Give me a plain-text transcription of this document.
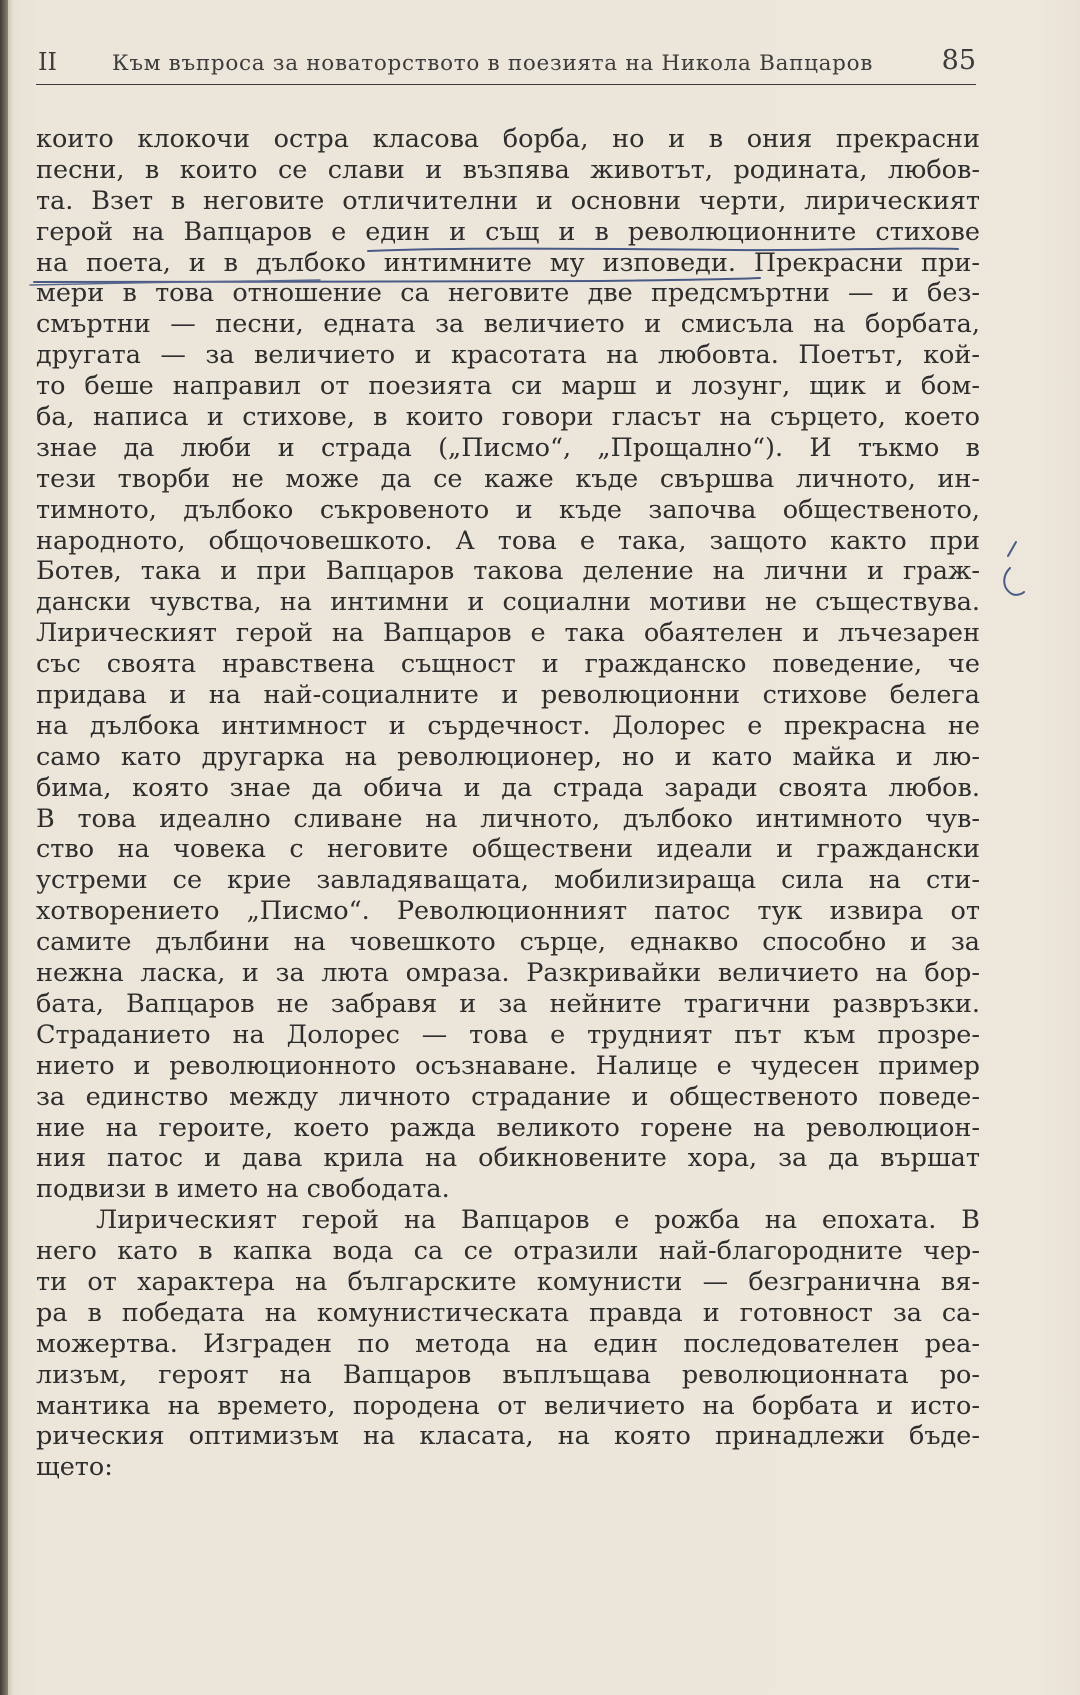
II	Към въпроса за новаторството в поезията на Никола Вапцаров	85
които клокочи остра класова борба, но и в ония прекрасни
песни, в които се слави и възпява животът, родината, любов-
та. Взет в неговите отличителни и основни черти, лирическият
герой на Вапцаров е един и същ и в революционните стихове
на поета, и в дълбоко интимните му изповеди. Прекрасни при-
мери в това отношение са неговите две предсмъртни — и без-
смъртни — песни, едната за величието и смисъла на борбата,
другата — за величието и красотата на любовта. Поетът, кой-
то беше направил от поезията си марш и лозунг, щик и бом-
ба, написа и стихове, в които говори гласът на сърцето, което
знае да люби и страда („Писмо“, „Прощално“). И тъкмо в
тези творби не може да се каже къде свършва личното, ин-
тимното, дълбоко съкровеното и къде започва общественото,
народното, общочовешкото. А това е така, защото както при
Ботев, така и при Вапцаров такова деление на лични и граж-
дански чувства, на интимни и социални мотиви не съществува.
Лирическият герой на Вапцаров е така обаятелен и лъчезарен
със своята нравствена същност и гражданско поведение, че
придава и на най-социалните и революционни стихове белега
на дълбока интимност и сърдечност. Долорес е прекрасна не
само като другарка на революционер, но и като майка и лю-
бима, която знае да обича и да страда заради своята любов.
В това идеално сливане на личното, дълбоко интимното чув-
ство на човека с неговите обществени идеали и граждански
устреми се крие завладяващата, мобилизираща сила на сти-
хотворението „Писмо“. Революционният патос тук извира от
самите дълбини на човешкото сърце, еднакво способно и за
нежна ласка, и за люта омраза. Разкривайки величието на бор-
бата, Вапцаров не забравя и за нейните трагични развръзки.
Страданието на Долорес — това е трудният път към прозре-
нието и революционното осъзнаване. Налице е чудесен пример
за единство между личното страдание и общественото поведе-
ние на героите, което ражда великото горене на революцион-
ния патос и дава крила на обикновените хора, за да вършат
подвизи в името на свободата.
Лирическият герой на Вапцаров е рожба на епохата. В
него като в капка вода са се отразили най-благородните чер-
ти от характера на българските комунисти — безгранична вя-
ра в победата на комунистическата правда и готовност за са-
можертва. Изграден по метода на един последователен реа-
лизъм, героят на Вапцаров въплъщава революционната ро-
мантика на времето, породена от величието на борбата и исто-
рическия оптимизъм на класата, на която принадлежи бъде-
щето:
